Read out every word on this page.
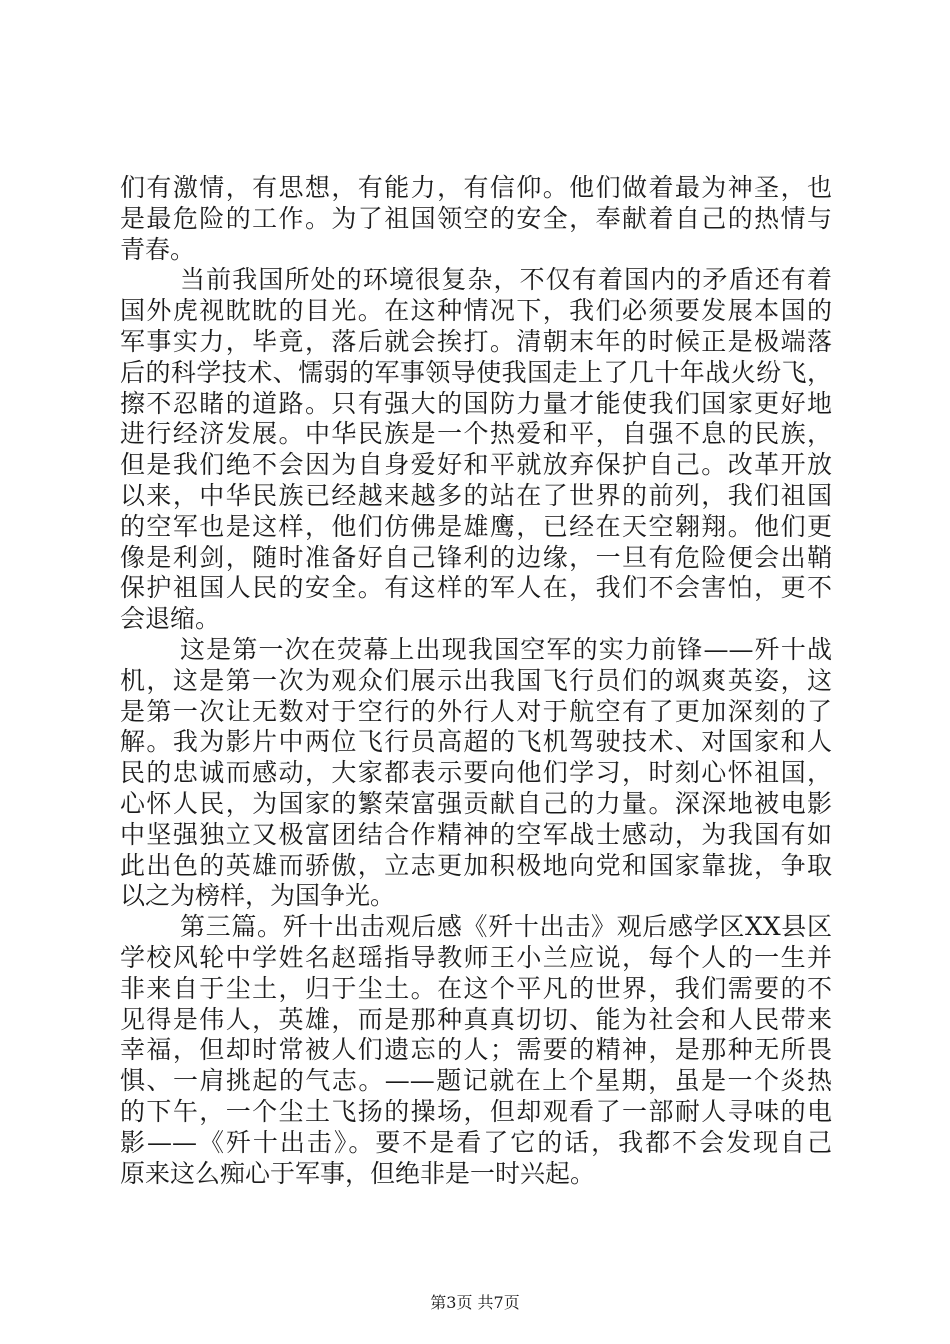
们有激情，有思想，有能力，有信仰。他们做着最为神圣，也
是最危险的工作。为了祖国领空的安全，奉献着自己的热情与
青春。
当前我国所处的环境很复杂，不仅有着国内的矛盾还有着
国外虎视眈眈的目光。在这种情况下，我们必须要发展本国的
军事实力，毕竟，落后就会挨打。清朝末年的时候正是极端落
后的科学技术、懦弱的军事领导使我国走上了几十年战火纷飞，
擦不忍睹的道路。只有强大的国防力量才能使我们国家更好地
进行经济发展。中华民族是一个热爱和平，自强不息的民族，
但是我们绝不会因为自身爱好和平就放弃保护自己。改革开放
以来，中华民族已经越来越多的站在了世界的前列，我们祖国
的空军也是这样，他们仿佛是雄鹰，已经在天空翱翔。他们更
像是利剑，随时准备好自己锋利的边缘，一旦有危险便会出鞘
保护祖国人民的安全。有这样的军人在，我们不会害怕，更不
会退缩。
这是第一次在荧幕上出现我国空军的实力前锋——歼十战
机，这是第一次为观众们展示出我国飞行员们的飒爽英姿，这
是第一次让无数对于空行的外行人对于航空有了更加深刻的了
解。我为影片中两位飞行员高超的飞机驾驶技术、对国家和人
民的忠诚而感动，大家都表示要向他们学习，时刻心怀祖国，
心怀人民，为国家的繁荣富强贡献自己的力量。深深地被电影
中坚强独立又极富团结合作精神的空军战士感动，为我国有如
此出色的英雄而骄傲，立志更加积极地向党和国家靠拢，争取
以之为榜样，为国争光。
第三篇。歼十出击观后感《歼十出击》观后感学区XX县区
学校风轮中学姓名赵瑶指导教师王小兰应说，每个人的一生并
非来自于尘土，归于尘土。在这个平凡的世界，我们需要的不
见得是伟人，英雄，而是那种真真切切、能为社会和人民带来
幸福，但却时常被人们遗忘的人；需要的精神，是那种无所畏
惧、一肩挑起的气志。——题记就在上个星期，虽是一个炎热
的下午，一个尘土飞扬的操场，但却观看了一部耐人寻味的电
影——《歼十出击》。要不是看了它的话，我都不会发现自己
原来这么痴心于军事，但绝非是一时兴起。
第3页 共7页
